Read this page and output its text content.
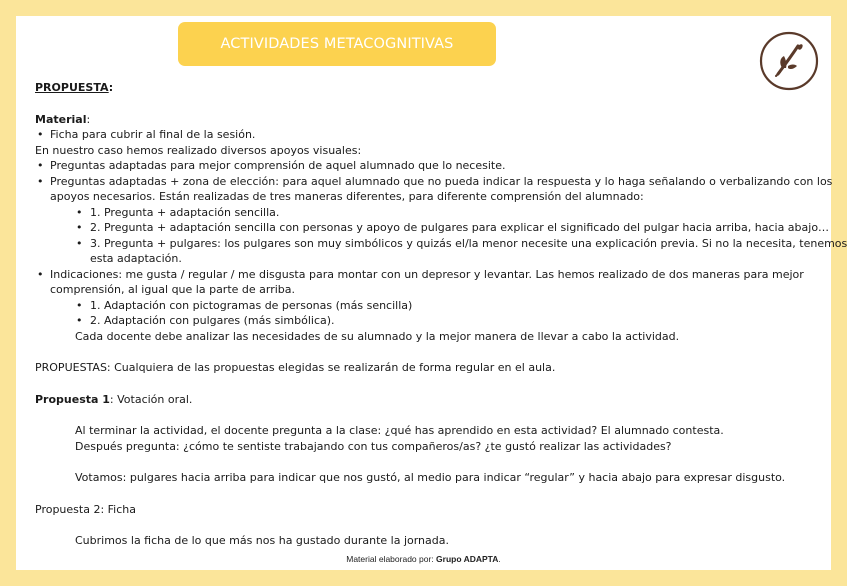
ACTIVIDADES METACOGNITIVAS
PROPUESTA:
Material:
• Ficha para cubrir al final de la sesión.
En nuestro caso hemos realizado diversos apoyos visuales:
• Preguntas adaptadas para mejor comprensión de aquel alumnado que lo necesite.
• Preguntas adaptadas + zona de elección: para aquel alumnado que no pueda indicar la respuesta y lo haga señalando o verbalizando con los
apoyos necesarios. Están realizadas de tres maneras diferentes, para diferente comprensión del alumnado:
• 1. Pregunta + adaptación sencilla.
• 2. Pregunta + adaptación sencilla con personas y apoyo de pulgares para explicar el significado del pulgar hacia arriba, hacia abajo…
• 3. Pregunta + pulgares: los pulgares son muy simbólicos y quizás el/la menor necesite una explicación previa. Si no la necesita, tenemos
esta adaptación.
• Indicaciones: me gusta / regular / me disgusta para montar con un depresor y levantar. Las hemos realizado de dos maneras para mejor
comprensión, al igual que la parte de arriba.
• 1. Adaptación con pictogramas de personas (más sencilla)
• 2. Adaptación con pulgares (más simbólica).
Cada docente debe analizar las necesidades de su alumnado y la mejor manera de llevar a cabo la actividad.
PROPUESTAS: Cualquiera de las propuestas elegidas se realizarán de forma regular en el aula.
Propuesta 1: Votación oral.
Al terminar la actividad, el docente pregunta a la clase: ¿qué has aprendido en esta actividad? El alumnado contesta.
Después pregunta: ¿cómo te sentiste trabajando con tus compañeros/as? ¿te gustó realizar las actividades?
Votamos: pulgares hacia arriba para indicar que nos gustó, al medio para indicar “regular” y hacia abajo para expresar disgusto.
Propuesta 2: Ficha
Cubrimos la ficha de lo que más nos ha gustado durante la jornada.
Material elaborado por: Grupo ADAPTA.
